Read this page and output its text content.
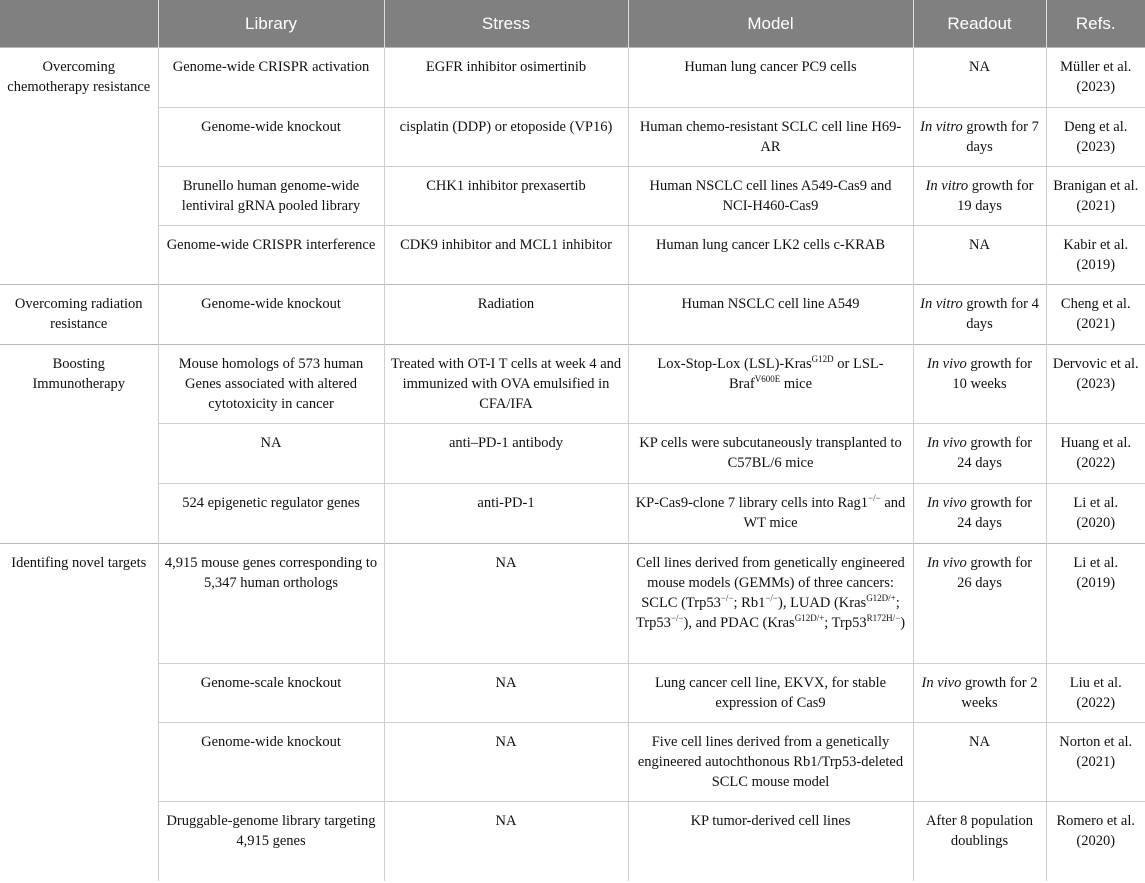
	Library	Stress	Model	Readout	Refs.
Overcoming chemotherapy resistance	Genome-wide CRISPR activation	EGFR inhibitor osimertinib	Human lung cancer PC9 cells	NA	Müller et al. (2023)
	Genome-wide knockout	cisplatin (DDP) or etoposide (VP16)	Human chemo-resistant SCLC cell line H69-AR	In vitro growth for 7 days	Deng et al. (2023)
	Brunello human genome-wide lentiviral gRNA pooled library	CHK1 inhibitor prexasertib	Human NSCLC cell lines A549-Cas9 and NCI-H460-Cas9	In vitro growth for 19 days	Branigan et al. (2021)
	Genome-wide CRISPR interference	CDK9 inhibitor and MCL1 inhibitor	Human lung cancer LK2 cells c-KRAB	NA	Kabir et al. (2019)
Overcoming radiation resistance	Genome-wide knockout	Radiation	Human NSCLC cell line A549	In vitro growth for 4 days	Cheng et al. (2021)
Boosting Immunotherapy	Mouse homologs of 573 human Genes associated with altered cytotoxicity in cancer	Treated with OT-I T cells at week 4 and immunized with OVA emulsified in CFA/IFA	Lox-Stop-Lox (LSL)-Kras$^{G12D}$ or LSL-Braf$^{V600E}$ mice	In vivo growth for 10 weeks	Dervovic et al. (2023)
	NA	anti–PD-1 antibody	KP cells were subcutaneously transplanted to C57BL/6 mice	In vivo growth for 24 days	Huang et al. (2022)
	524 epigenetic regulator genes	anti-PD-1	KP-Cas9-clone 7 library cells into Rag1−/− and WT mice	In vivo growth for 24 days	Li et al. (2020)
Identifing novel targets	4,915 mouse genes corresponding to 5,347 human orthologs	NA	Cell lines derived from genetically engineered mouse models (GEMMs) of three cancers: SCLC (Trp53−/−; Rb1−/−), LUAD (Kras$^{G12D/+}$; Trp53−/−), and PDAC (Kras$^{G12D/+}$; $Trp53^{R172H/-}$)	In vivo growth for 26 days	Li et al. (2019)
	Genome-scale knockout	NA	Lung cancer cell line, EKVX, for stable expression of Cas9	In vivo growth for 2 weeks	Liu et al. (2022)
	Genome-wide knockout	NA	Five cell lines derived from a genetically engineered autochthonous Rb1/Trp53-deleted SCLC mouse model	NA	Norton et al. (2021)
	Druggable-genome library targeting 4,915 genes	NA	KP tumor-derived cell lines	After 8 population doublings	Romero et al. (2020)
